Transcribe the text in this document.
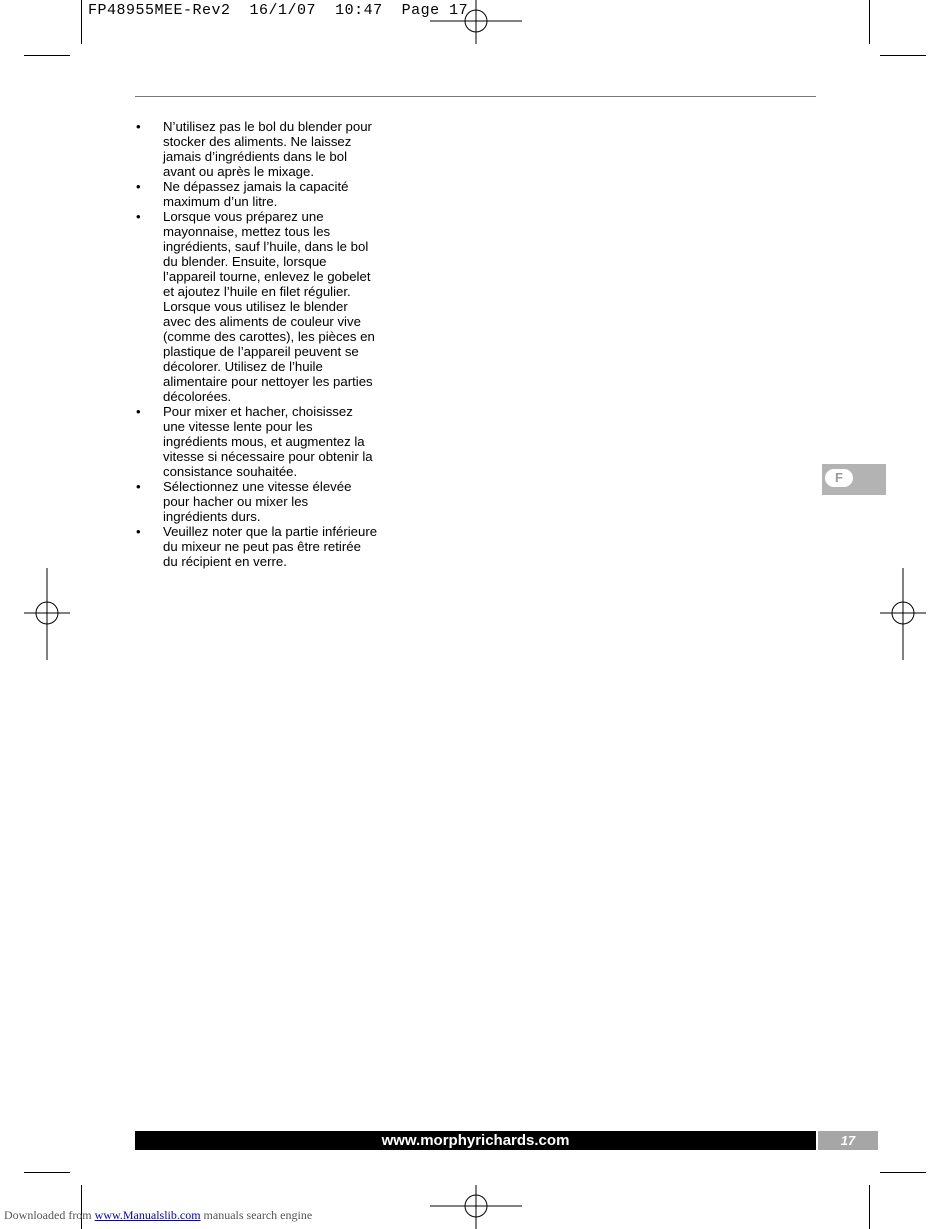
FP48955MEE-Rev2 16/1/07 10:47 Page 17
• N’utilisez pas le bol du blender pour
stocker des aliments. Ne laissez
jamais d’ingrédients dans le bol
avant ou après le mixage.
• Ne dépassez jamais la capacité
maximum d’un litre.
• Lorsque vous préparez une
mayonnaise, mettez tous les
ingrédients, sauf l’huile, dans le bol
du blender. Ensuite, lorsque
l’appareil tourne, enlevez le gobelet
et ajoutez l’huile en filet régulier.
Lorsque vous utilisez le blender
avec des aliments de couleur vive
(comme des carottes), les pièces en
plastique de l’appareil peuvent se
décolorer. Utilisez de l’huile
alimentaire pour nettoyer les parties
décolorées.
• Pour mixer et hacher, choisissez
une vitesse lente pour les
ingrédients mous, et augmentez la
vitesse si nécessaire pour obtenir la
consistance souhaitée.
• Sélectionnez une vitesse élevée
pour hacher ou mixer les
ingrédients durs.
• Veuillez noter que la partie inférieure
du mixeur ne peut pas être retirée
du récipient en verre.
F
www.morphyrichards.com	17
Downloaded from www.Manualslib.com manuals search engine
